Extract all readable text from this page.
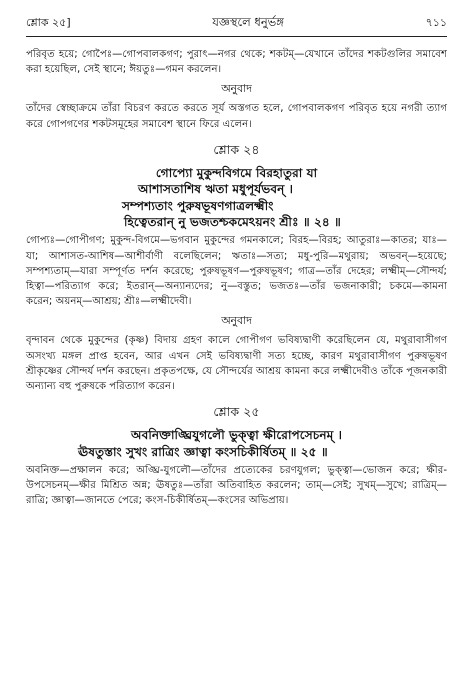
শ্লোক ২৫]	যজ্ঞস্থলে ধনুর্ভঙ্গ	৭১১

পরিবৃত হয়ে; গোপৈঃ—গোপবালকগণ; পুরাৎ—নগর থেকে; শকটম্—যেখানে তাঁদের শকটগুলির সমাবেশ করা হয়েছিল, সেই স্থানে; ঈয়তুঃ—গমন করলেন।

অনুবাদ

তাঁদের স্বেচ্ছাক্রমে তাঁরা বিচরণ করতে করতে সূর্য অস্তগত হলে, গোপবালকগণ পরিবৃত হয়ে নগরী ত্যাগ করে গোপগণের শকটসমূহের সমাবেশ স্থানে ফিরে এলেন।

শ্লোক ২৪

গোপ্যো মুকুন্দবিগমে বিরহাতুরা যা

আশাসতাশিষ ঋতা মধুপূর্যভবন্ ।

সম্পশ্যতাং পুরুষভূষণগাত্রলক্ষ্মীং

হিত্বেতরান্ নু ভজতশ্চকমেঽয়নং শ্রীঃ ॥ ২৪ ॥

গোপ্যঃ—গোপীগণ; মুকুন্দ-বিগমে—ভগবান মুকুন্দের গমনকালে; বিরহ—বিরহ; আতুরাঃ—কাতর; যাঃ—যা; আশাসত-আশিষ—আশীর্বাণী বলেছিলেন; ঋতাঃ—সত্য; মধু-পুরি—মথুরায়; অভবন্—হয়েছে; সম্পশ্যতাম্—যারা সম্পূর্ণত দর্শন করেছে; পুরুষভূষণ—পুরুষভূষণ; গাত্র—তাঁর দেহের; লক্ষ্মীম্—সৌন্দর্য; হিত্বা—পরিত্যাগ করে; ইতরান্—অন্যান্যদের; নু—বস্তুত; ভজতঃ—তাঁর ভজনাকারী; চকমে—কামনা করেন; অয়নম্—আশ্রয়; শ্রীঃ—লক্ষ্মীদেবী।

অনুবাদ

বৃন্দাবন থেকে মুকুন্দের (কৃষ্ণ) বিদায় গ্রহণ কালে গোপীগণ ভবিষ্যদ্বাণী করেছিলেন যে, মথুরাবাসীগণ অসংখ্য মঙ্গল প্রাপ্ত হবেন, আর এখন সেই ভবিষ্যদ্বাণী সত্য হচ্ছে, কারণ মথুরাবাসীগণ পুরুষভূষণ শ্রীকৃষ্ণের সৌন্দর্য দর্শন করছেন। প্রকৃতপক্ষে, যে সৌন্দর্যের আশ্রয় কামনা করে লক্ষ্মীদেবীও তাঁকে পূজনকারী অন্যান্য বহু পুরুষকে পরিত্যাগ করেন।

শ্লোক ২৫

অবনিক্তাঙ্ঘ্রিযুগলৌ ভুক্ত্বা ক্ষীরোপসেচনম্ ।

ঊষতুস্তাং সুখং রাত্রিং জ্ঞাত্বা কংসচিকীর্ষিতম্ ॥ ২৫ ॥

অবনিক্ত—প্রক্ষালন করে; অঙ্ঘ্রি-যুগলৌ—তাঁদের প্রত্যেকের চরণযুগল; ভুক্ত্বা—ভোজন করে; ক্ষীর-উপসেচনম্—ক্ষীর মিশ্রিত অন্ন; ঊষতুঃ—তাঁরা অতিবাহিত করলেন; তাম্—সেই; সুখম্—সুখে; রাত্রিম্—রাত্রি; জ্ঞাত্বা—জানতে পেরে; কংস-চিকীর্ষিতম্—কংসের অভিপ্রায়।
